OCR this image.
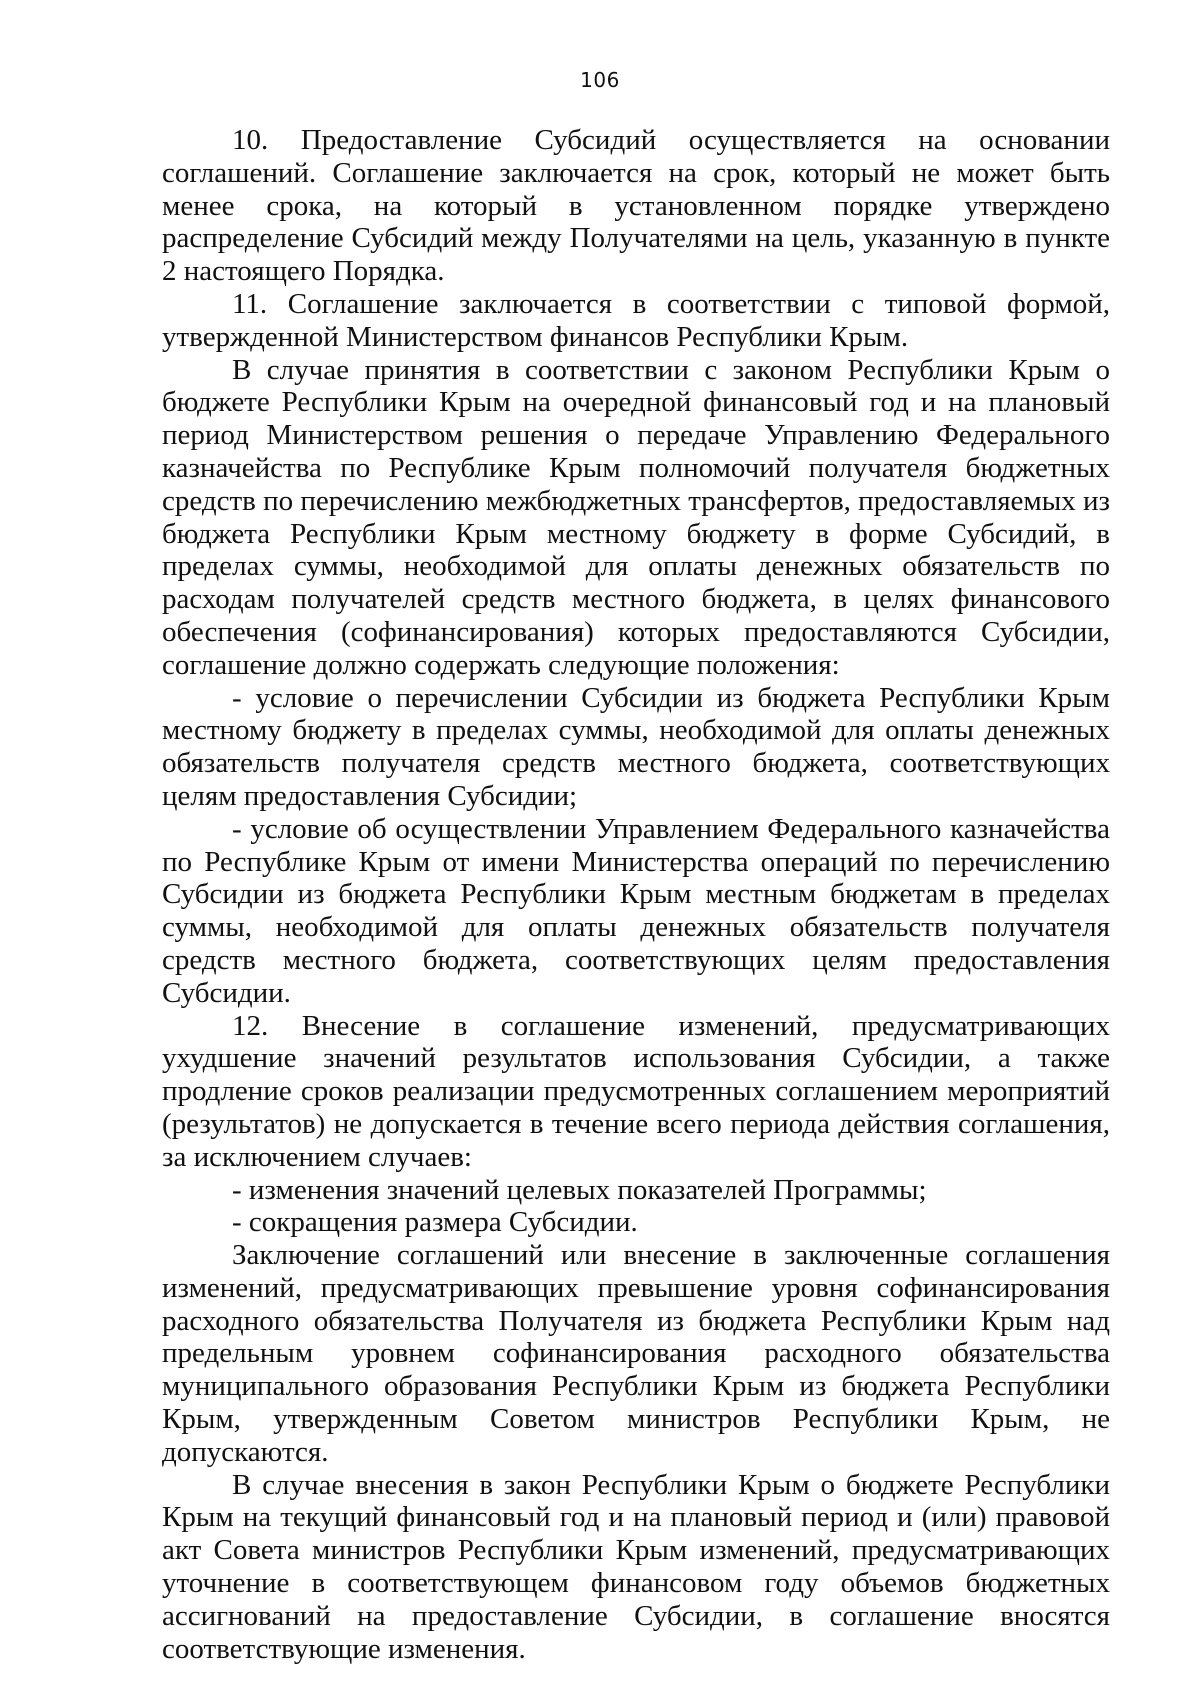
106

10. Предоставление Субсидий осуществляется на основании соглашений. Соглашение заключается на срок, который не может быть менее срока, на который в установленном порядке утверждено распределение Субсидий между Получателями на цель, указанную в пункте 2 настоящего Порядка.

11. Соглашение заключается в соответствии с типовой формой, утвержденной Министерством финансов Республики Крым.

В случае принятия в соответствии с законом Республики Крым о бюджете Республики Крым на очередной финансовый год и на плановый период Министерством решения о передаче Управлению Федерального казначейства по Республике Крым полномочий получателя бюджетных средств по перечислению межбюджетных трансфертов, предоставляемых из бюджета Республики Крым местному бюджету в форме Субсидий, в пределах суммы, необходимой для оплаты денежных обязательств по расходам получателей средств местного бюджета, в целях финансового обеспечения (софинансирования) которых предоставляются Субсидии, соглашение должно содержать следующие положения:

- условие о перечислении Субсидии из бюджета Республики Крым местному бюджету в пределах суммы, необходимой для оплаты денежных обязательств получателя средств местного бюджета, соответствующих целям предоставления Субсидии;

- условие об осуществлении Управлением Федерального казначейства по Республике Крым от имени Министерства операций по перечислению Субсидии из бюджета Республики Крым местным бюджетам в пределах суммы, необходимой для оплаты денежных обязательств получателя средств местного бюджета, соответствующих целям предоставления Субсидии.

12. Внесение в соглашение изменений, предусматривающих ухудшение значений результатов использования Субсидии, а также продление сроков реализации предусмотренных соглашением мероприятий (результатов) не допускается в течение всего периода действия соглашения, за исключением случаев:

- изменения значений целевых показателей Программы;

- сокращения размера Субсидии.

Заключение соглашений или внесение в заключенные соглашения изменений, предусматривающих превышение уровня софинансирования расходного обязательства Получателя из бюджета Республики Крым над предельным уровнем софинансирования расходного обязательства муниципального образования Республики Крым из бюджета Республики Крым, утвержденным Советом министров Республики Крым, не допускаются.

В случае внесения в закон Республики Крым о бюджете Республики Крым на текущий финансовый год и на плановый период и (или) правовой акт Совета министров Республики Крым изменений, предусматривающих уточнение в соответствующем финансовом году объемов бюджетных ассигнований на предоставление Субсидии, в соглашение вносятся соответствующие изменения.
